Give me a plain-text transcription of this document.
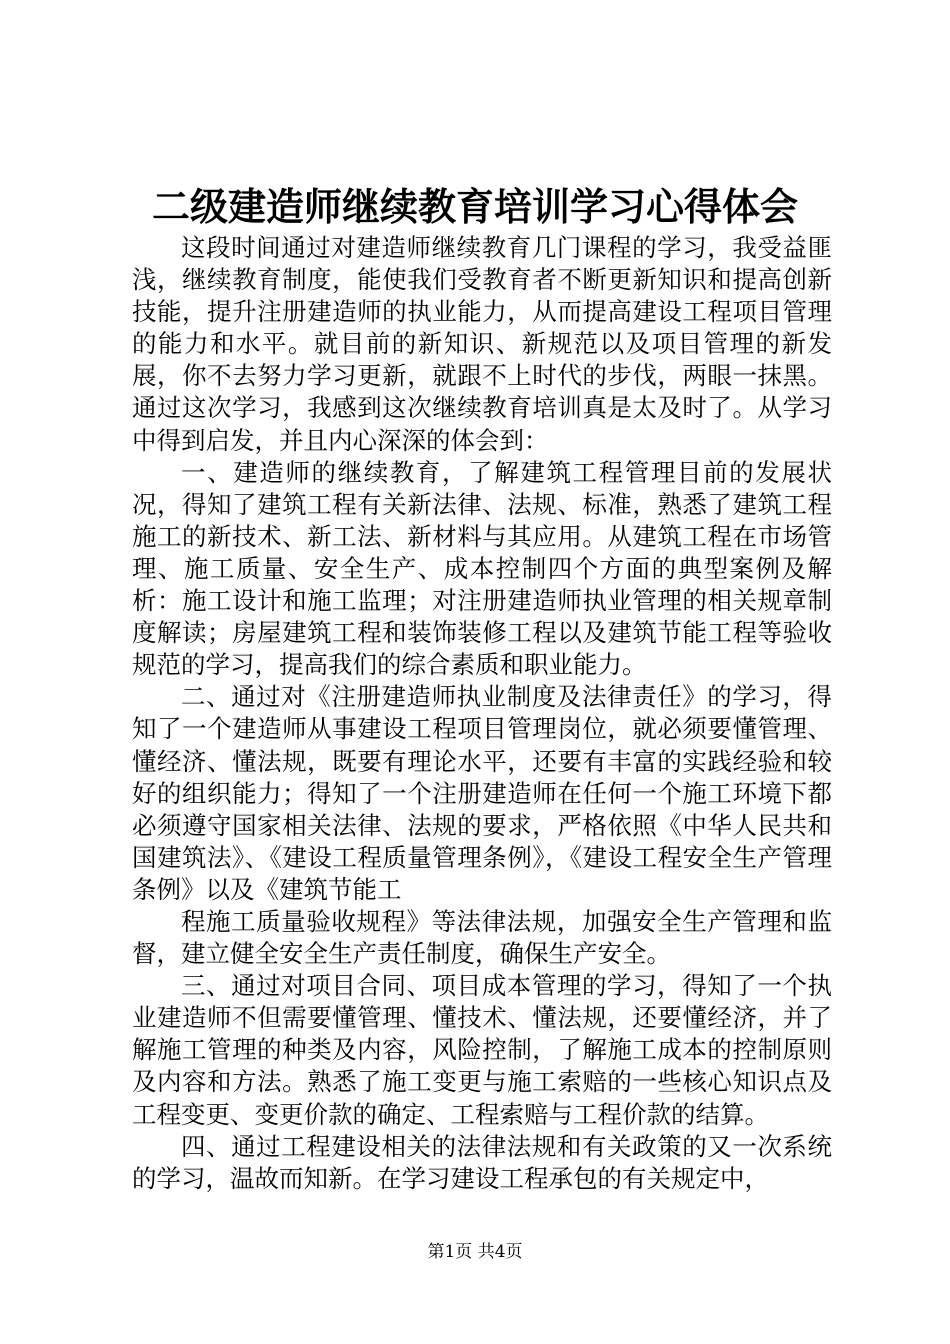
二级建造师继续教育培训学习心得体会

这段时间通过对建造师继续教育几门课程的学习，我受益匪浅，继续教育制度，能使我们受教育者不断更新知识和提高创新技能，提升注册建造师的执业能力，从而提高建设工程项目管理的能力和水平。就目前的新知识、新规范以及项目管理的新发展，你不去努力学习更新，就跟不上时代的步伐，两眼一抹黑。通过这次学习，我感到这次继续教育培训真是太及时了。从学习中得到启发，并且内心深深的体会到：

一、建造师的继续教育，了解建筑工程管理目前的发展状况，得知了建筑工程有关新法律、法规、标准，熟悉了建筑工程施工的新技术、新工法、新材料与其应用。从建筑工程在市场管理、施工质量、安全生产、成本控制四个方面的典型案例及解析：施工设计和施工监理；对注册建造师执业管理的相关规章制度解读；房屋建筑工程和装饰装修工程以及建筑节能工程等验收规范的学习，提高我们的综合素质和职业能力。

二、通过对《注册建造师执业制度及法律责任》的学习，得知了一个建造师从事建设工程项目管理岗位，就必须要懂管理、懂经济、懂法规，既要有理论水平，还要有丰富的实践经验和较好的组织能力；得知了一个注册建造师在任何一个施工环境下都必须遵守国家相关法律、法规的要求，严格依照《中华人民共和国建筑法》、《建设工程质量管理条例》，《建设工程安全生产管理条例》以及《建筑节能工

程施工质量验收规程》等法律法规，加强安全生产管理和监督，建立健全安全生产责任制度，确保生产安全。

三、通过对项目合同、项目成本管理的学习，得知了一个执业建造师不但需要懂管理、懂技术、懂法规，还要懂经济，并了解施工管理的种类及内容，风险控制，了解施工成本的控制原则及内容和方法。熟悉了施工变更与施工索赔的一些核心知识点及工程变更、变更价款的确定、工程索赔与工程价款的结算。

四、通过工程建设相关的法律法规和有关政策的又一次系统的学习，温故而知新。在学习建设工程承包的有关规定中，

第1页 共4页
